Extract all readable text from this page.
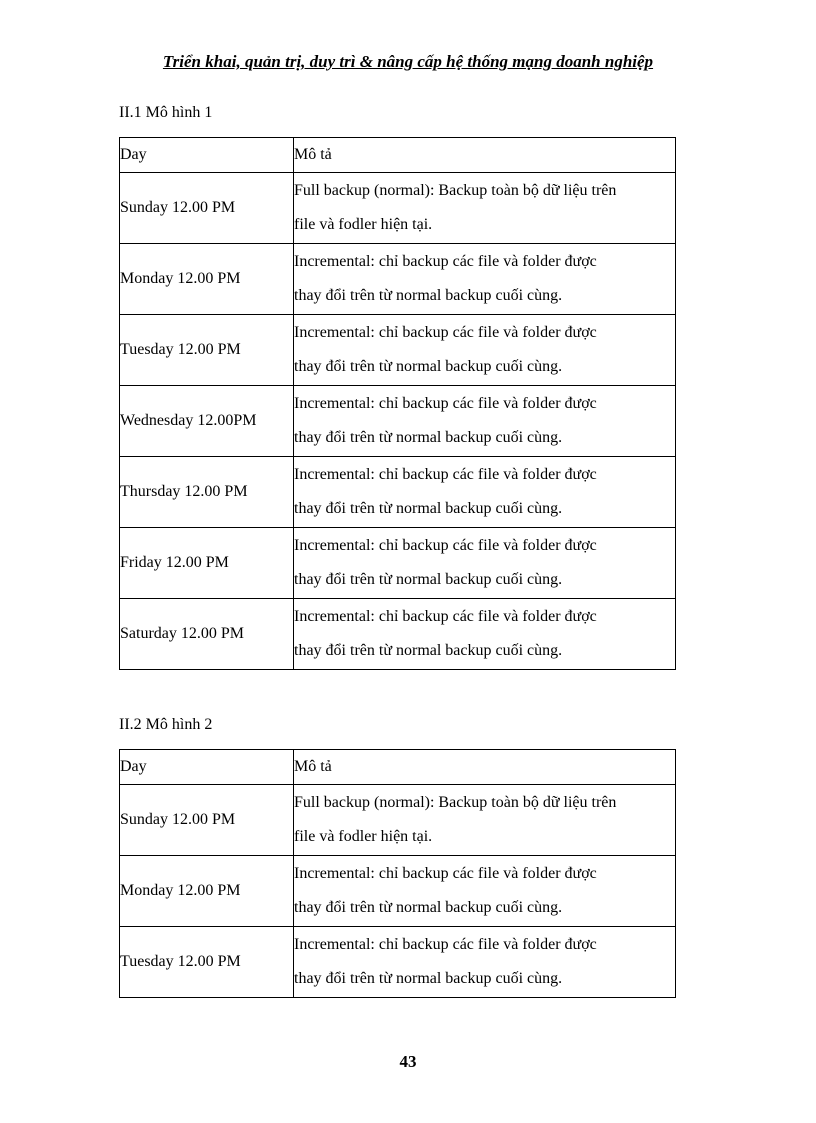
Triển khai, quản trị, duy trì & nâng cấp hệ thống mạng doanh nghiệp
II.1 Mô hình 1
Day	Mô tả
Sunday 12.00 PM	Full backup (normal): Backup toàn bộ dữ liệu trên
file và fodler hiện tại.

Monday 12.00 PM	Incremental: chỉ backup các file và folder được
thay đổi trên từ normal backup cuối cùng.

Tuesday 12.00 PM	Incremental: chỉ backup các file và folder được
thay đổi trên từ normal backup cuối cùng.

Wednesday 12.00PM	Incremental: chỉ backup các file và folder được
thay đổi trên từ normal backup cuối cùng.

Thursday 12.00 PM	Incremental: chỉ backup các file và folder được
thay đổi trên từ normal backup cuối cùng.

Friday 12.00 PM	Incremental: chỉ backup các file và folder được
thay đổi trên từ normal backup cuối cùng.

Saturday 12.00 PM	Incremental: chỉ backup các file và folder được
thay đổi trên từ normal backup cuối cùng.
II.2 Mô hình 2
Day	Mô tả
Sunday 12.00 PM	Full backup (normal): Backup toàn bộ dữ liệu trên
file và fodler hiện tại.

Monday 12.00 PM	Incremental: chỉ backup các file và folder được
thay đổi trên từ normal backup cuối cùng.

Tuesday 12.00 PM	Incremental: chỉ backup các file và folder được
thay đổi trên từ normal backup cuối cùng.
43
